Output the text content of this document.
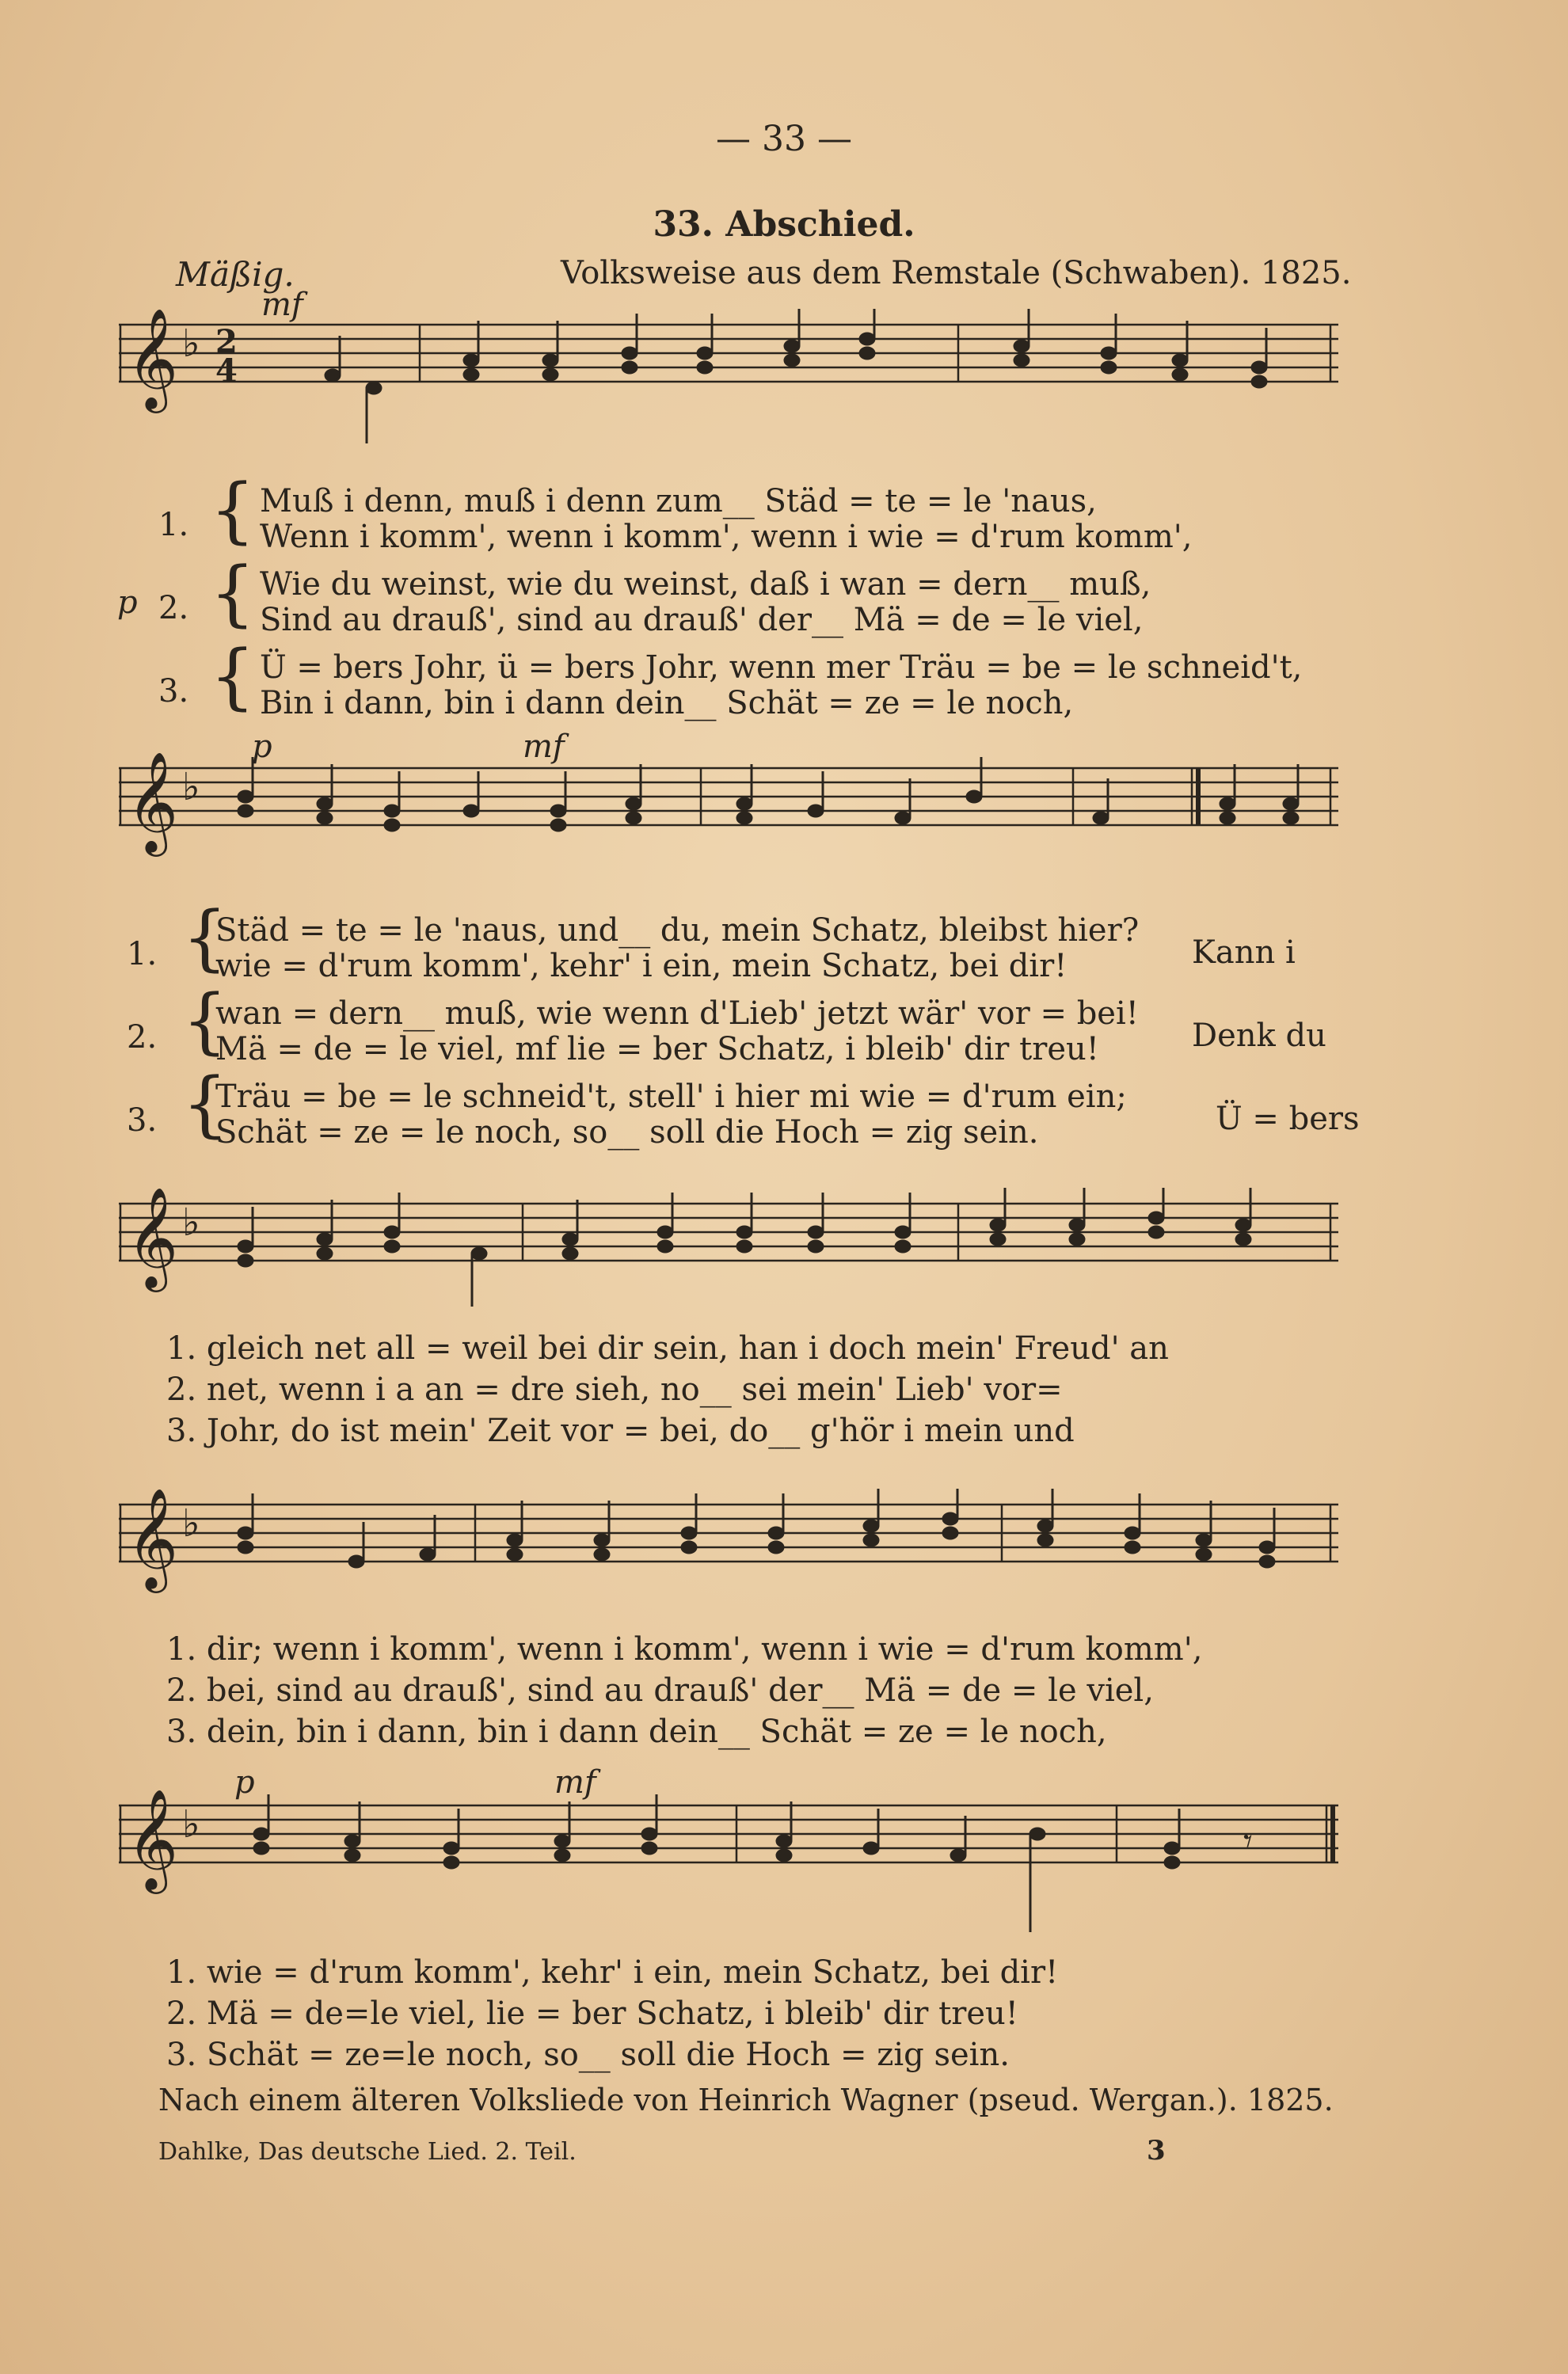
— 33 —
33. Abschied.
Mäßig.	Volksweise aus dem Remstale (Schwaben). 1825.
mf
𝄞 ♭ 2
4
{
{
{
p
1.
Muß i denn, muß i denn zum__ Städ = te = le 'naus,
Wenn i komm', wenn i komm', wenn i wie = d'rum komm',
2.
Wie du weinst, wie du weinst, daß i wan = dern__ muß,
Sind au drauß', sind au drauß' der__ Mä = de = le viel,
3.
Ü = bers Johr, ü = bers Johr, wenn mer Träu = be = le schneid't,
Bin i dann, bin i dann dein__ Schät = ze = le noch,
p	mf
𝄞 ♭
{
{
{
1.
Städ = te = le 'naus, und__ du, mein Schatz, bleibst hier?
wie = d'rum komm', kehr' i ein, mein Schatz, bei dir!
2.
wan = dern__ muß, wie wenn d'Lieb' jetzt wär' vor = bei!
Mä = de = le viel, mf lie = ber Schatz, i bleib' dir treu!
3.
Träu = be = le schneid't, stell' i hier mi wie = d'rum ein;
Schät = ze = le noch, so__ soll die Hoch = zig sein.
Kann i
Denk du
Ü = bers
𝄞 ♭
1. gleich net all = weil bei dir sein, han i doch mein' Freud' an
2. net, wenn i a an = dre sieh, no__ sei mein' Lieb' vor=
3. Johr, do ist mein' Zeit vor = bei, do__ g'hör i mein und
𝄞 ♭
1. dir; wenn i komm', wenn i komm', wenn i wie = d'rum komm',
2. bei, sind au drauß', sind au drauß' der__ Mä = de = le viel,
3. dein, bin i dann, bin i dann dein__ Schät = ze = le noch,
p	mf
𝄞 ♭	𝄾
1. wie = d'rum komm', kehr' i ein, mein Schatz, bei dir!
2. Mä = de=le viel, lie = ber Schatz, i bleib' dir treu!
3. Schät = ze=le noch, so__ soll die Hoch = zig sein.
Nach einem älteren Volksliede von Heinrich Wagner (pseud. Wergan.). 1825.
Dahlke, Das deutsche Lied. 2. Teil.	3
